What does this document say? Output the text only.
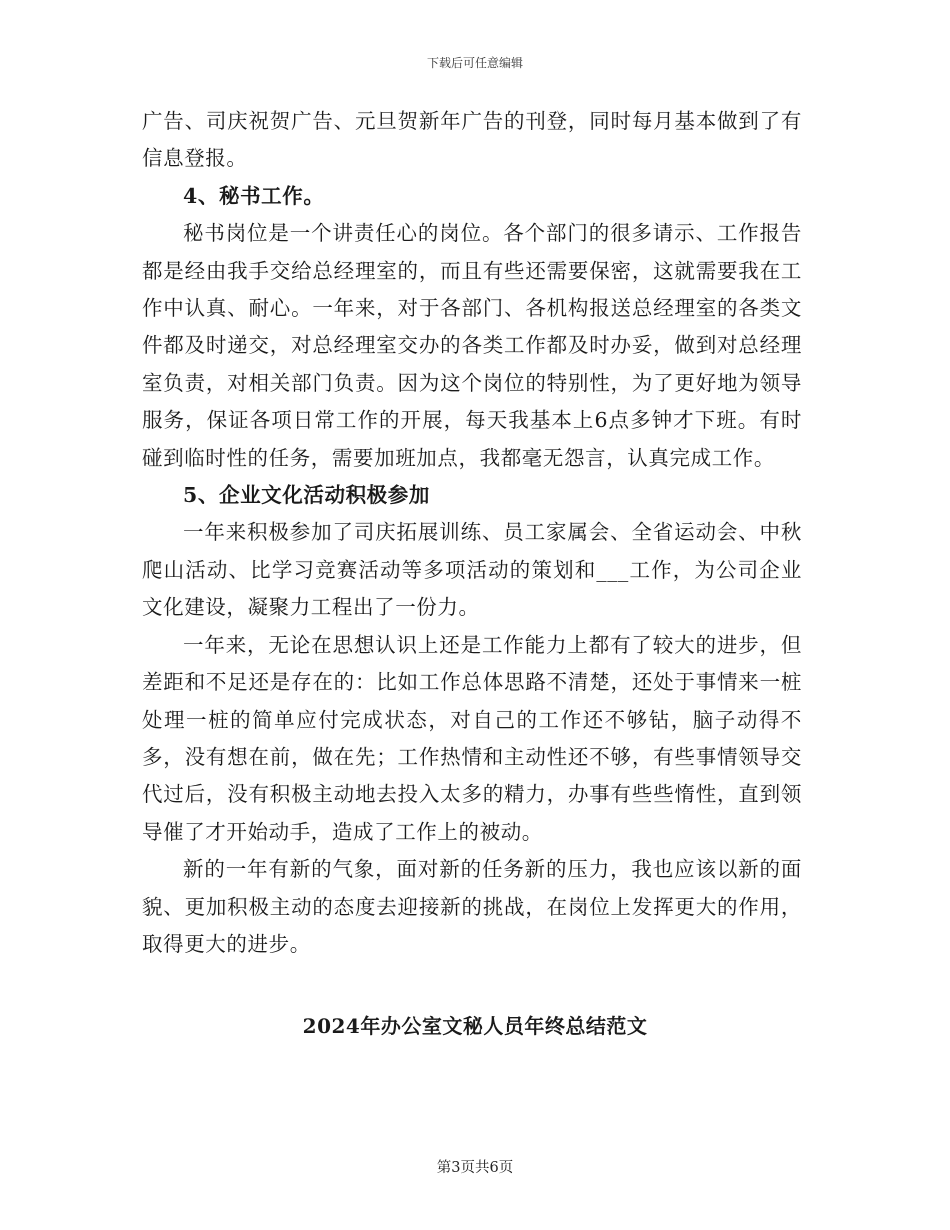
下载后可任意编辑

广告、司庆祝贺广告、元旦贺新年广告的刊登，同时每月基本做到了有信息登报。

4、秘书工作。

秘书岗位是一个讲责任心的岗位。各个部门的很多请示、工作报告都是经由我手交给总经理室的，而且有些还需要保密，这就需要我在工作中认真、耐心。一年来，对于各部门、各机构报送总经理室的各类文件都及时递交，对总经理室交办的各类工作都及时办妥，做到对总经理室负责，对相关部门负责。因为这个岗位的特别性，为了更好地为领导服务，保证各项日常工作的开展，每天我基本上6点多钟才下班。有时碰到临时性的任务，需要加班加点，我都毫无怨言，认真完成工作。

5、企业文化活动积极参加

一年来积极参加了司庆拓展训练、员工家属会、全省运动会、中秋爬山活动、比学习竞赛活动等多项活动的策划和___工作，为公司企业文化建设，凝聚力工程出了一份力。

一年来，无论在思想认识上还是工作能力上都有了较大的进步，但差距和不足还是存在的：比如工作总体思路不清楚，还处于事情来一桩处理一桩的简单应付完成状态，对自己的工作还不够钻，脑子动得不多，没有想在前，做在先；工作热情和主动性还不够，有些事情领导交代过后，没有积极主动地去投入太多的精力，办事有些些惰性，直到领导催了才开始动手，造成了工作上的被动。

新的一年有新的气象，面对新的任务新的压力，我也应该以新的面貌、更加积极主动的态度去迎接新的挑战，在岗位上发挥更大的作用，取得更大的进步。

2024年办公室文秘人员年终总结范文
第3页共6页
